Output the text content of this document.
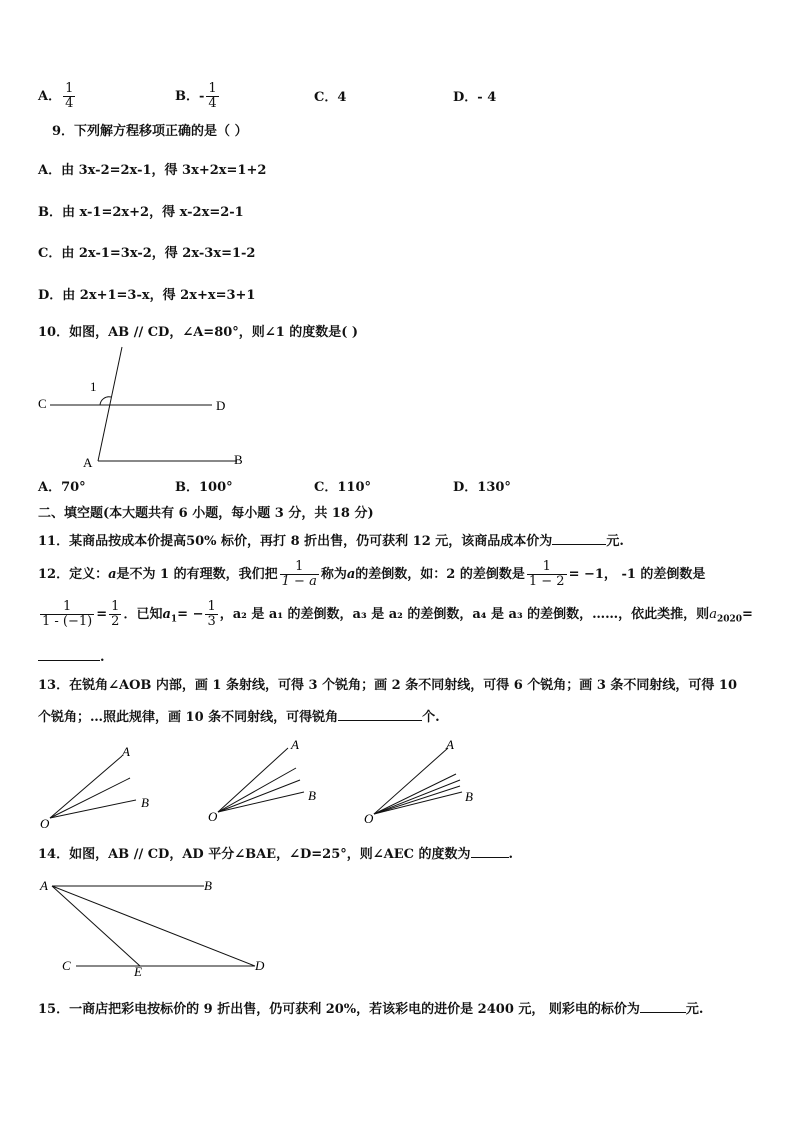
A． $\frac{1}{4}$	B．- $\frac{1}{4}$	C．4	D．- 4
9．下列解方程移项正确的是（ ）
A．由 3x-2=2x-1，得 3x+2x=1+2
B．由 x-1=2x+2，得 x-2x=2-1
C．由 2x-1=3x-2，得 2x-3x=1-2
D．由 2x+1=3-x，得 2x+x=3+1
10．如图，AB // CD，∠A=80°，则∠1 的度数是( )
1
C	D
A	B
A．70°	B．100°	C．110°	D．130°
二、填空题(本大题共有 6 小题，每小题 3 分，共 18 分)
11．某商品按成本价提高50% 标价，再打 8 折出售，仍可获利 12 元，该商品成本价为	元.
12．定义：a是不为 1 的有理数，我们把 $\frac{1}{1 - a}$ 称为a的差倒数，如：2 的差倒数是 $\frac{1}{1 - 2} = -1$， -1 的差倒数是
$\frac{1}{1 - (-1)} = \frac{1}{2}$ ．已知$a_1= - \frac{1}{3}$ ，a₂ 是 a₁ 的差倒数，a₃ 是 a₂ 的差倒数，a₄ 是 a₃ 的差倒数，……，依此类推，则$a_{2020}=$
.
13．在锐角∠AOB 内部，画 1 条射线，可得 3 个锐角；画 2 条不同射线，可得 6 个锐角；画 3 条不同射线，可得 10
个锐角；…照此规律，画 10 条不同射线，可得锐角	个.
A
B
O
A
B
O
A
B
O
14．如图，AB // CD，AD 平分∠BAE，∠D=25°，则∠AEC 的度数为	.
A	B
C	E	D
15．一商店把彩电按标价的 9 折出售，仍可获利 20%，若该彩电的进价是 2400 元， 则彩电的标价为	元.
